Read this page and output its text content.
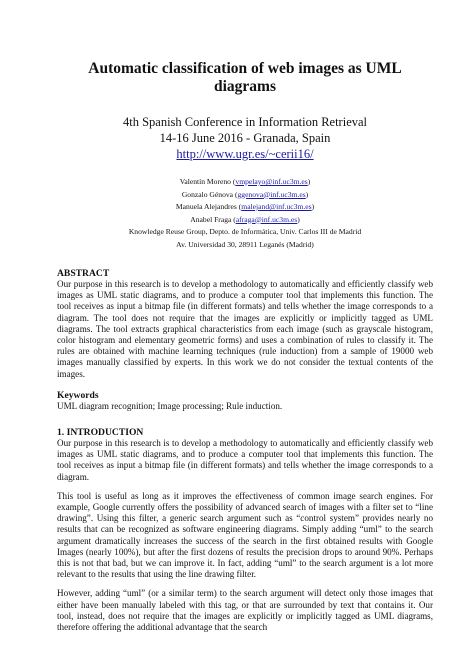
Automatic classification of web images as UML diagrams
4th Spanish Conference in Information Retrieval
14-16 June 2016 - Granada, Spain
http://www.ugr.es/~cerii16/
Valentín Moreno (vmpelayo@inf.uc3m.es)
Gonzalo Génova (ggenova@inf.uc3m.es)
Manuela Alejandres (malejand@inf.uc3m.es)
Anabel Fraga (afraga@inf.uc3m.es)
Knowledge Reuse Group, Depto. de Informática, Univ. Carlos III de Madrid
Av. Universidad 30, 28911 Leganés (Madrid)
ABSTRACT

Our purpose in this research is to develop a methodology to automatically and efficiently classify web images as UML static diagrams, and to produce a computer tool that implements this function. The tool receives as input a bitmap file (in different formats) and tells whether the image corresponds to a diagram. The tool does not require that the images are explicitly or implicitly tagged as UML diagrams. The tool extracts graphical characteristics from each image (such as grayscale histogram, color histogram and elementary geometric forms) and uses a combination of rules to classify it. The rules are obtained with machine learning techniques (rule induction) from a sample of 19000 web images manually classified by experts. In this work we do not consider the textual contents of the images.

Keywords

UML diagram recognition; Image processing; Rule induction.

1. INTRODUCTION

Our purpose in this research is to develop a methodology to automatically and efficiently classify web images as UML static diagrams, and to produce a computer tool that implements this function. The tool receives as input a bitmap file (in different formats) and tells whether the image corresponds to a diagram.

This tool is useful as long as it improves the effectiveness of common image search engines. For example, Google currently offers the possibility of advanced search of images with a filter set to “line drawing”. Using this filter, a generic search argument such as “control system” provides nearly no results that can be recognized as software engineering diagrams. Simply adding “uml” to the search argument dramatically increases the success of the search in the first obtained results with Google Images (nearly 100%), but after the first dozens of results the precision drops to around 90%. Perhaps this is not that bad, but we can improve it. In fact, adding “uml” to the search argument is a lot more relevant to the results that using the line drawing filter.

However, adding “uml” (or a similar term) to the search argument will detect only those images that either have been manually labeled with this tag, or that are surrounded by text that contains it. Our tool, instead, does not require that the images are explicitly or implicitly tagged as UML diagrams, therefore offering the additional advantage that the search
